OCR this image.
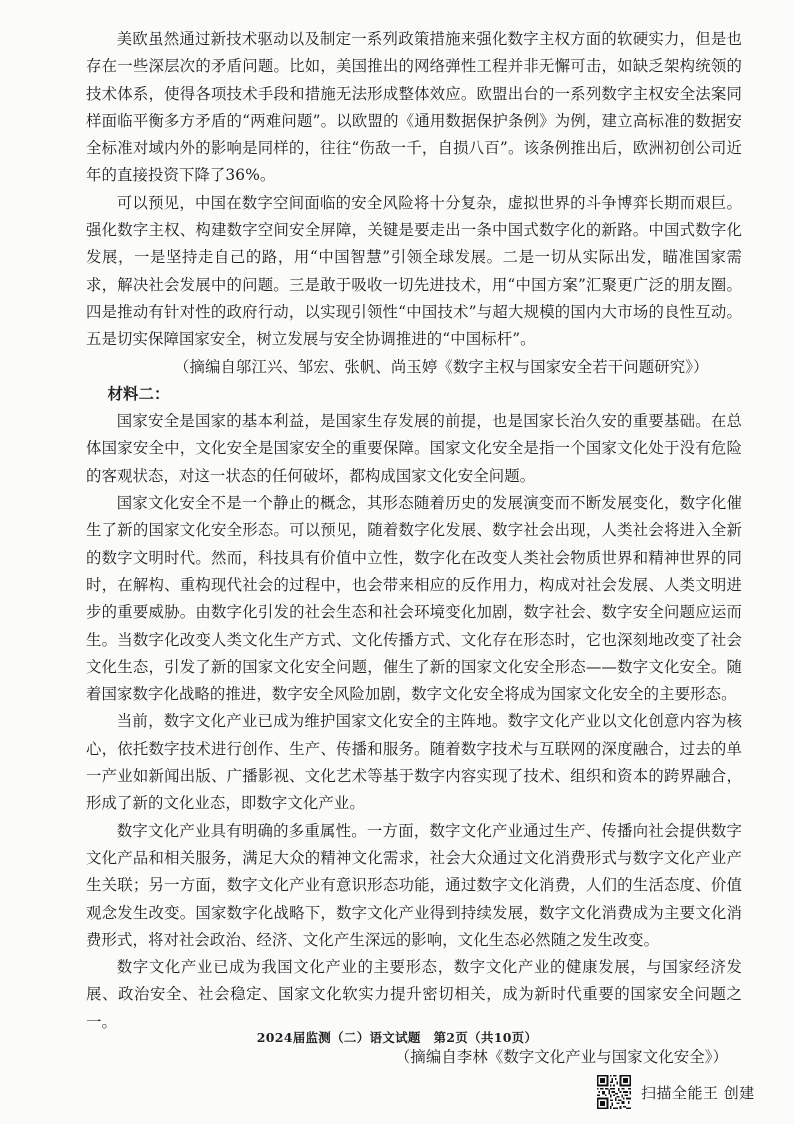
美欧虽然通过新技术驱动以及制定一系列政策措施来强化数字主权方面的软硬实力，但是也存在一些深层次的矛盾问题。比如，美国推出的网络弹性工程并非无懈可击，如缺乏架构统领的技术体系，使得各项技术手段和措施无法形成整体效应。欧盟出台的一系列数字主权安全法案同样面临平衡多方矛盾的“两难问题”。以欧盟的《通用数据保护条例》为例，建立高标准的数据安全标准对域内外的影响是同样的，往往“伤敌一千，自损八百”。该条例推出后，欧洲初创公司近年的直接投资下降了36%。

可以预见，中国在数字空间面临的安全风险将十分复杂，虚拟世界的斗争博弈长期而艰巨。强化数字主权、构建数字空间安全屏障，关键是要走出一条中国式数字化的新路。中国式数字化发展，一是坚持走自己的路，用“中国智慧”引领全球发展。二是一切从实际出发，瞄准国家需求，解决社会发展中的问题。三是敢于吸收一切先进技术，用“中国方案”汇聚更广泛的朋友圈。四是推动有针对性的政府行动，以实现引领性“中国技术”与超大规模的国内大市场的良性互动。五是切实保障国家安全，树立发展与安全协调推进的“中国标杆”。

（摘编自邬江兴、邹宏、张帆、尚玉婷《数字主权与国家安全若干问题研究》）

材料二：

国家安全是国家的基本利益，是国家生存发展的前提，也是国家长治久安的重要基础。在总体国家安全中，文化安全是国家安全的重要保障。国家文化安全是指一个国家文化处于没有危险的客观状态，对这一状态的任何破坏，都构成国家文化安全问题。

国家文化安全不是一个静止的概念，其形态随着历史的发展演变而不断发展变化，数字化催生了新的国家文化安全形态。可以预见，随着数字化发展、数字社会出现，人类社会将进入全新的数字文明时代。然而，科技具有价值中立性，数字化在改变人类社会物质世界和精神世界的同时，在解构、重构现代社会的过程中，也会带来相应的反作用力，构成对社会发展、人类文明进步的重要威胁。由数字化引发的社会生态和社会环境变化加剧，数字社会、数字安全问题应运而生。当数字化改变人类文化生产方式、文化传播方式、文化存在形态时，它也深刻地改变了社会文化生态，引发了新的国家文化安全问题，催生了新的国家文化安全形态——数字文化安全。随着国家数字化战略的推进，数字安全风险加剧，数字文化安全将成为国家文化安全的主要形态。

当前，数字文化产业已成为维护国家文化安全的主阵地。数字文化产业以文化创意内容为核心，依托数字技术进行创作、生产、传播和服务。随着数字技术与互联网的深度融合，过去的单一产业如新闻出版、广播影视、文化艺术等基于数字内容实现了技术、组织和资本的跨界融合，形成了新的文化业态，即数字文化产业。

数字文化产业具有明确的多重属性。一方面，数字文化产业通过生产、传播向社会提供数字文化产品和相关服务，满足大众的精神文化需求，社会大众通过文化消费形式与数字文化产业产生关联；另一方面，数字文化产业有意识形态功能，通过数字文化消费，人们的生活态度、价值观念发生改变。国家数字化战略下，数字文化产业得到持续发展，数字文化消费成为主要文化消费形式，将对社会政治、经济、文化产生深远的影响，文化生态必然随之发生改变。

数字文化产业已成为我国文化产业的主要形态，数字文化产业的健康发展，与国家经济发展、政治安全、社会稳定、国家文化软实力提升密切相关，成为新时代重要的国家安全问题之一。

（摘编自李林《数字文化产业与国家文化安全》）

2024届监测（二）语文试题　第2页（共10页）
扫描全能王 创建
